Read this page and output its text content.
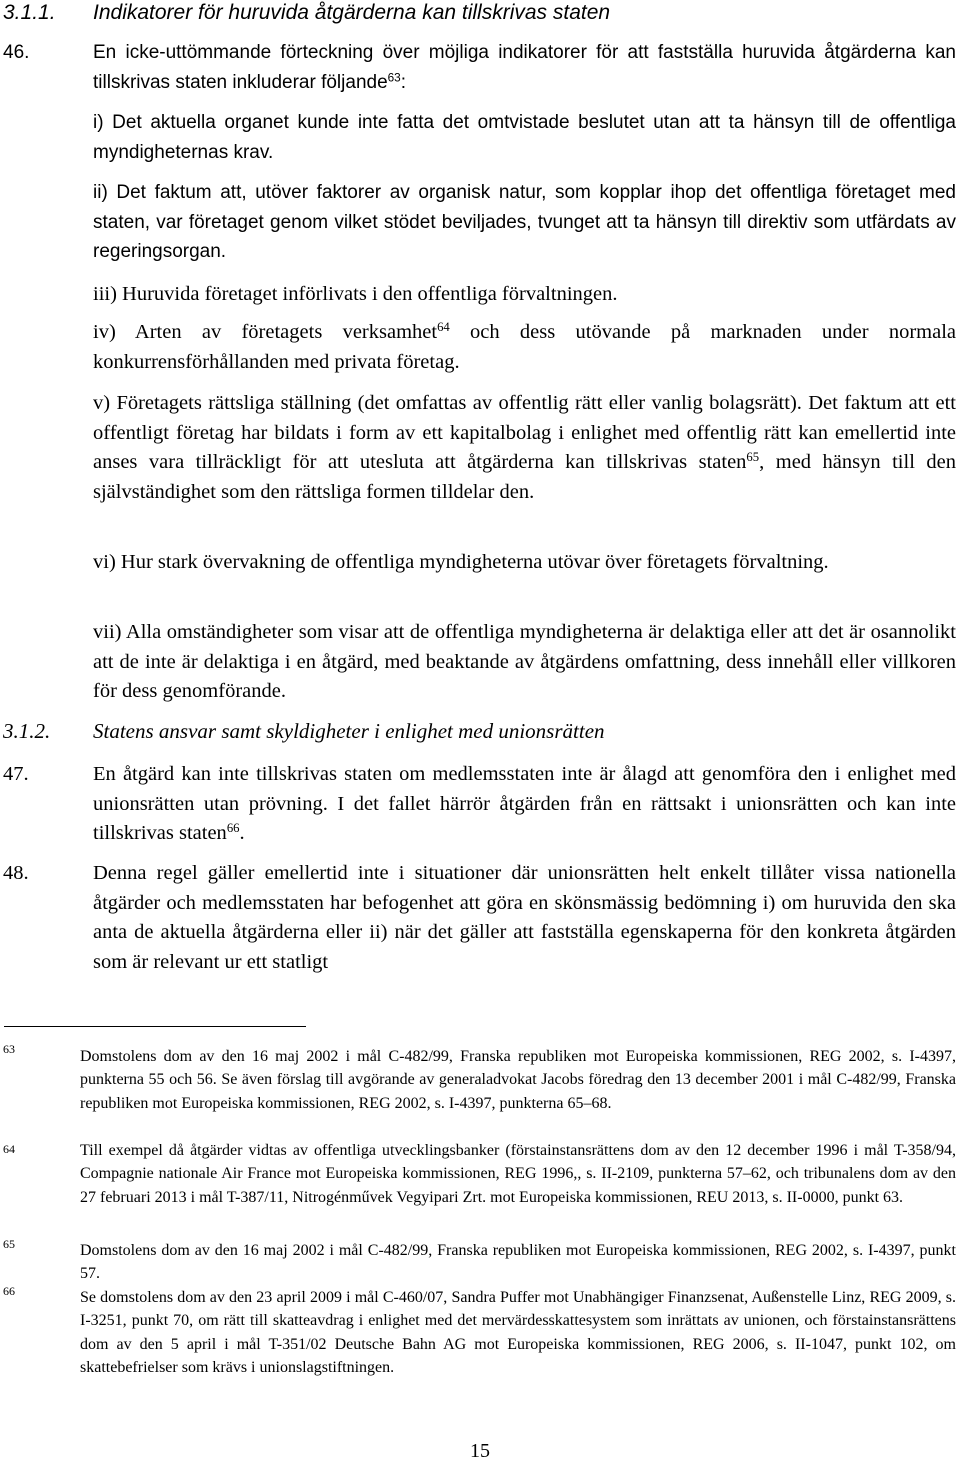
3.1.1. Indikatorer för huruvida åtgärderna kan tillskrivas staten
46.	En icke-uttömmande förteckning över möjliga indikatorer för att fastställa huruvida åtgärderna kan tillskrivas staten inkluderar följande$^{63}$:

i) Det aktuella organet kunde inte fatta det omtvistade beslutet utan att ta hänsyn till de offentliga myndigheternas krav.

ii) Det faktum att, utöver faktorer av organisk natur, som kopplar ihop det offentliga företaget med staten, var företaget genom vilket stödet beviljades, tvunget att ta hänsyn till direktiv som utfärdats av regeringsorgan.

iii) Huruvida företaget införlivats i den offentliga förvaltningen.

iv) Arten av företagets verksamhet$^{64}$ och dess utövande på marknaden under normala konkurrensförhållanden med privata företag.

v) Företagets rättsliga ställning (det omfattas av offentlig rätt eller vanlig bolagsrätt). Det faktum att ett offentligt företag har bildats i form av ett kapitalbolag i enlighet med offentlig rätt kan emellertid inte anses vara tillräckligt för att utesluta att åtgärderna kan tillskrivas staten$^{65}$, med hänsyn till den självständighet som den rättsliga formen tilldelar den.

vi) Hur stark övervakning de offentliga myndigheterna utövar över företagets förvaltning.

vii) Alla omständigheter som visar att de offentliga myndigheterna är delaktiga eller att det är osannolikt att de inte är delaktiga i en åtgärd, med beaktande av åtgärdens omfattning, dess innehåll eller villkoren för dess genomförande.

3.1.2. Statens ansvar samt skyldigheter i enlighet med unionsrätten
47.	En åtgärd kan inte tillskrivas staten om medlemsstaten inte är ålagd att genomföra den i enlighet med unionsrätten utan prövning. I det fallet härrör åtgärden från en rättsakt i unionsrätten och kan inte tillskrivas staten$^{66}$.

48.	Denna regel gäller emellertid inte i situationer där unionsrätten helt enkelt tillåter vissa nationella åtgärder och medlemsstaten har befogenhet att göra en skönsmässig bedömning i) om huruvida den ska anta de aktuella åtgärderna eller ii) när det gäller att fastställa egenskaperna för den konkreta åtgärden som är relevant ur ett statligt

63	Domstolens dom av den 16 maj 2002 i mål C-482/99, Franska republiken mot Europeiska kommissionen, REG 2002, s. I-4397, punkterna 55 och 56. Se även förslag till avgörande av generaladvokat Jacobs föredrag den 13 december 2001 i mål C-482/99, Franska republiken mot Europeiska kommissionen, REG 2002, s. I-4397, punkterna 65–68.

64	Till exempel då åtgärder vidtas av offentliga utvecklingsbanker (förstainstansrättens dom av den 12 december 1996 i mål T-358/94, Compagnie nationale Air France mot Europeiska kommissionen, REG 1996,, s. II-2109, punkterna 57–62, och tribunalens dom av den 27 februari 2013 i mål T-387/11, Nitrogénművek Vegyipari Zrt. mot Europeiska kommissionen, REU 2013, s. II-0000, punkt 63.

65	Domstolens dom av den 16 maj 2002 i mål C-482/99, Franska republiken mot Europeiska kommissionen, REG 2002, s. I-4397, punkt 57.

66	Se domstolens dom av den 23 april 2009 i mål C-460/07, Sandra Puffer mot Unabhängiger Finanzsenat, Außenstelle Linz, REG 2009, s. I-3251, punkt 70, om rätt till skatteavdrag i enlighet med det mervärdesskattesystem som inrättats av unionen, och förstainstansrättens dom av den 5 april i mål T-351/02 Deutsche Bahn AG mot Europeiska kommissionen, REG 2006, s. II-1047, punkt 102, om skattebefrielser som krävs i unionslagstiftningen.

15
